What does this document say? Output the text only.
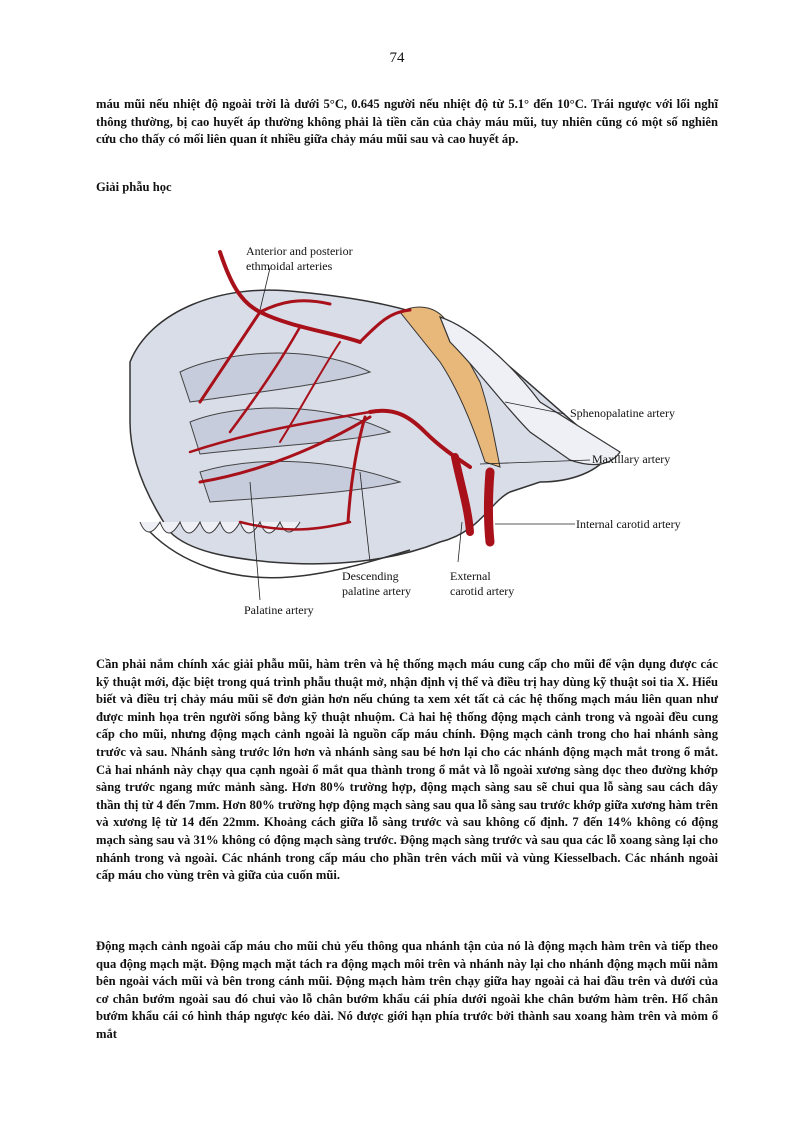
74
máu mũi nếu nhiệt độ ngoài trời là dưới 5°C, 0.645 người nếu nhiệt độ từ 5.1° đến 10°C. Trái ngược với lối nghĩ thông thường, bị cao huyết áp thường không phải là tiền căn của chảy máu mũi, tuy nhiên cũng có một số nghiên cứu cho thấy có mối liên quan ít nhiều giữa chảy máu mũi sau và cao huyết áp.
Giải phẫu học
Anterior and posterior
ethmoidal arteries
Sphenopalatine artery
Maxillary artery
Internal carotid artery
Descending
palatine artery
External
carotid artery
Palatine artery
Cần phải nắm chính xác giải phẫu mũi, hàm trên và hệ thống mạch máu cung cấp cho mũi để vận dụng được các kỹ thuật mới, đặc biệt trong quá trình phẫu thuật mở, nhận định vị thể và điều trị hay dùng kỹ thuật soi tia X. Hiểu biết và điều trị chảy máu mũi sẽ đơn giản hơn nếu chúng ta xem xét tất cả các hệ thống mạch máu liên quan như được minh họa trên người sống bằng kỹ thuật nhuộm. Cả hai hệ thống động mạch cảnh trong và ngoài đều cung cấp cho mũi, nhưng động mạch cảnh ngoài là nguồn cấp máu chính. Động mạch cảnh trong cho hai nhánh sàng trước và sau. Nhánh sàng trước lớn hơn và nhánh sàng sau bé hơn lại cho các nhánh động mạch mắt trong ổ mắt. Cả hai nhánh này chạy qua cạnh ngoài ổ mắt qua thành trong ổ mắt và lỗ ngoài xương sàng dọc theo đường khớp sàng trước ngang mức mảnh sàng. Hơn 80% trường hợp, động mạch sàng sau sẽ chui qua lỗ sàng sau cách dây thần thị từ 4 đến 7mm. Hơn 80% trường hợp động mạch sàng sau qua lỗ sàng sau trước khớp giữa xương hàm trên và xương lệ từ 14 đến 22mm. Khoảng cách giữa lỗ sàng trước và sau không cố định. 7 đến 14% không có động mạch sàng sau và 31% không có động mạch sàng trước. Động mạch sàng trước và sau qua các lỗ xoang sàng lại cho nhánh trong và ngoài. Các nhánh trong cấp máu cho phần trên vách mũi và vùng Kiesselbach. Các nhánh ngoài cấp máu cho vùng trên và giữa của cuốn mũi.
Động mạch cảnh ngoài cấp máu cho mũi chủ yếu thông qua nhánh tận của nó là động mạch hàm trên và tiếp theo qua động mạch mặt. Động mạch mặt tách ra động mạch môi trên và nhánh này lại cho nhánh động mạch mũi nằm bên ngoài vách mũi và bên trong cánh mũi. Động mạch hàm trên chạy giữa hay ngoài cả hai đầu trên và dưới của cơ chân bướm ngoài sau đó chui vào lỗ chân bướm khẩu cái phía dưới ngoài khe chân bướm hàm trên. Hố chân bướm khẩu cái có hình tháp ngược kéo dài. Nó được giới hạn phía trước bởi thành sau xoang hàm trên và mỏm ổ mắt
